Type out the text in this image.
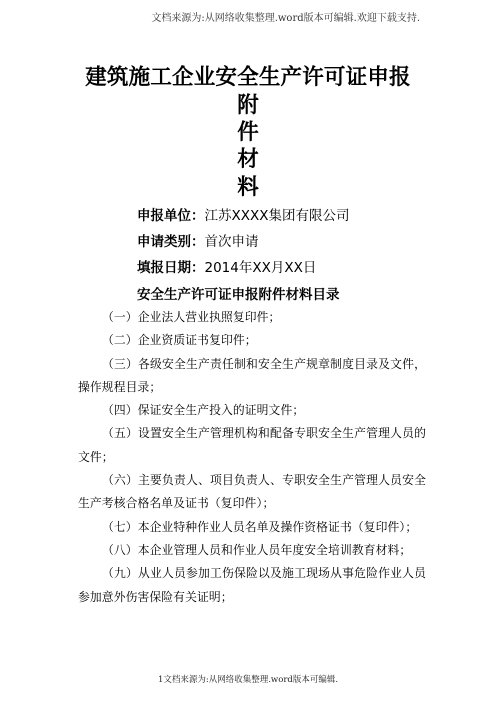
文档来源为:从网络收集整理.word版本可编辑.欢迎下载支持.
建筑施工企业安全生产许可证申报
附
件
材
料
申报单位：江苏XXXX集团有限公司
申请类别：首次申请
填报日期：2014年XX月XX日
安全生产许可证申报附件材料目录
（一）企业法人营业执照复印件；
（二）企业资质证书复印件；
（三）各级安全生产责任制和安全生产规章制度目录及文件，操作规程目录；
（四）保证安全生产投入的证明文件；
（五）设置安全生产管理机构和配备专职安全生产管理人员的文件；
（六）主要负责人、项目负责人、专职安全生产管理人员安全生产考核合格名单及证书（复印件）；
（七）本企业特种作业人员名单及操作资格证书（复印件）；
（八）本企业管理人员和作业人员年度安全培训教育材料；
（九）从业人员参加工伤保险以及施工现场从事危险作业人员参加意外伤害保险有关证明；
1文档来源为:从网络收集整理.word版本可编辑.
